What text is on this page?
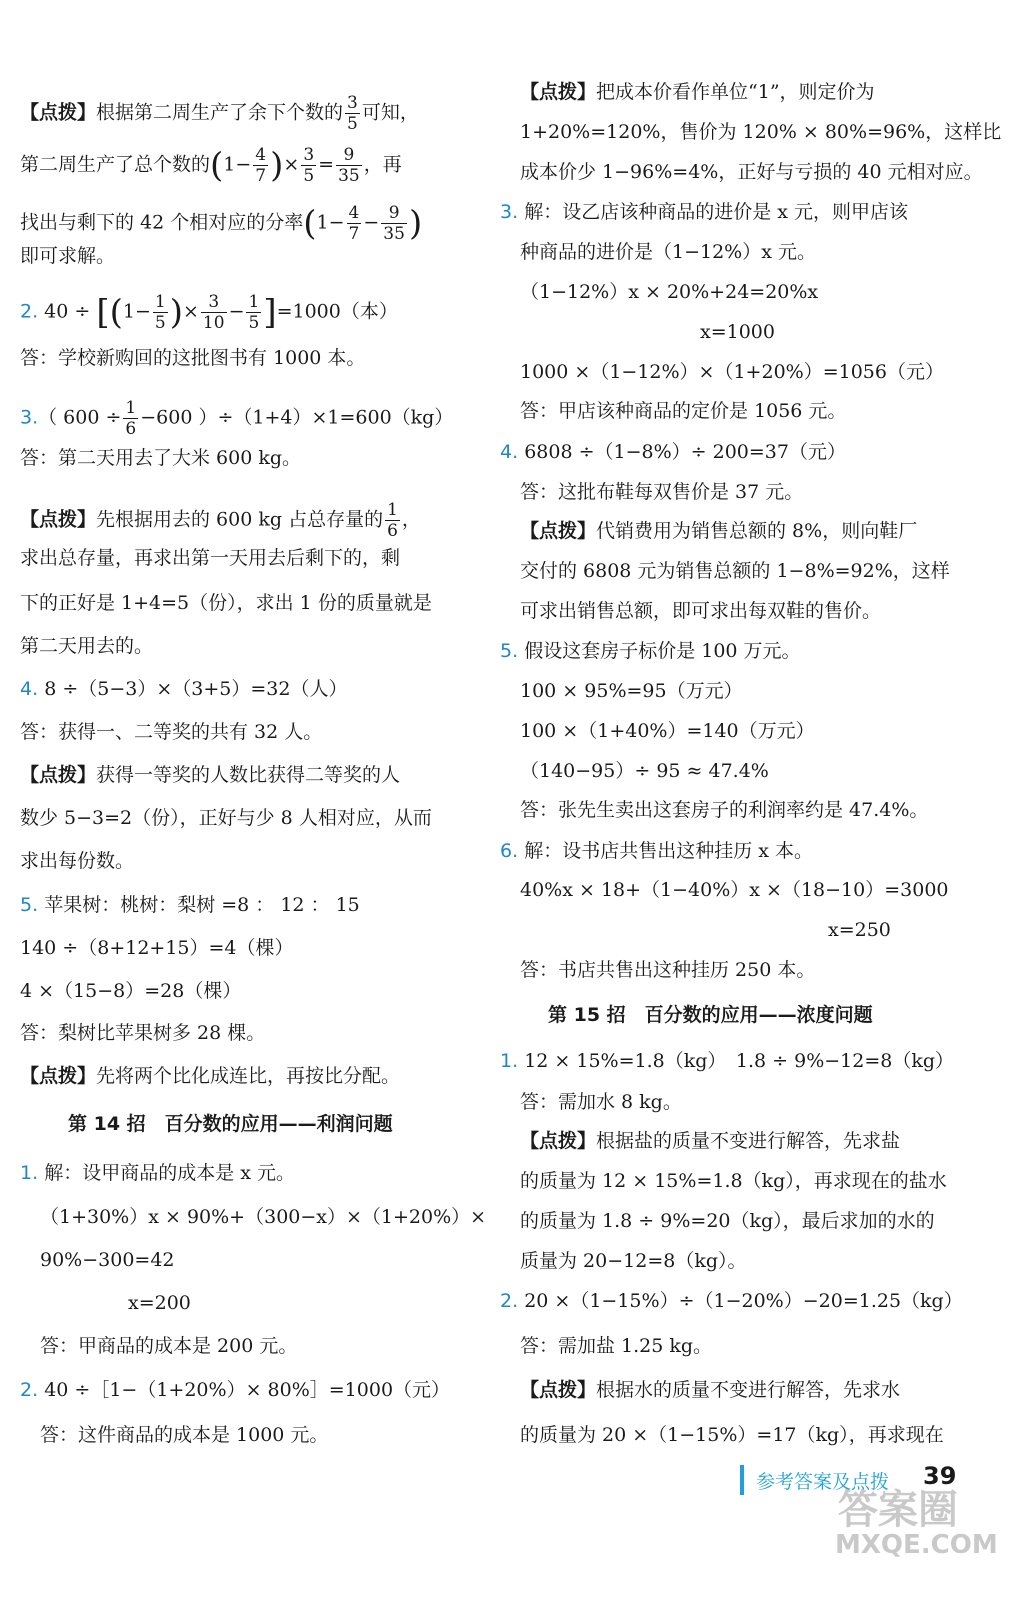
【点拨】根据第二周生产了余下个数的 $\frac{3}{5}$ 可知，
第二周生产了总个数的($1- \frac{4}{7}$ )× $\frac{3}{5} = \frac{9}{35}$ ，再
找出与剩下的 42 个相对应的分率($1- \frac{4}{7} - \frac{9}{35}$ )
即可求解。
2. $40 \div [(1- \frac{1}{5}$ )× $\frac{3}{10} - \frac{1}{5} ]=1000$（本）
答：学校新购回的这批图书有 1000 本。
3.（ $600 \div \frac{1}{6} -600$ ）÷（1+4）×1=600（kg）
答：第二天用去了大米 600 kg。
【点拨】先根据用去的 600 kg 占总存量的 $\frac{1}{6}$ ，
求出总存量，再求出第一天用去后剩下的，剩
下的正好是 1+4=5（份），求出 1 份的质量就是
第二天用去的。
4. 8 ÷（5−3）×（3+5）=32（人）
答：获得一、二等奖的共有 32 人。
【点拨】获得一等奖的人数比获得二等奖的人
数少 5−3=2（份），正好与少 8 人相对应，从而
求出每份数。
5. 苹果树：桃树：梨树 =8 ： 12 ： 15
140 ÷（8+12+15）=4（棵）
4 ×（15−8）=28（棵）
答：梨树比苹果树多 28 棵。
【点拨】先将两个比化成连比，再按比分配。
第 14 招　百分数的应用——利润问题
1. 解：设甲商品的成本是 x 元。
（1+30%）x × 90%+（300−x）×（1+20%）×
90%−300=42
x=200
答：甲商品的成本是 200 元。
2. 40 ÷［1−（1+20%）× 80%］=1000（元）
答：这件商品的成本是 1000 元。
【点拨】把成本价看作单位“1”，则定价为
1+20%=120%，售价为 120% × 80%=96%，这样比
成本价少 1−96%=4%，正好与亏损的 40 元相对应。
3. 解：设乙店该种商品的进价是 x 元，则甲店该
种商品的进价是（1−12%）x 元。
（1−12%）x × 20%+24=20%x
x=1000
1000 ×（1−12%）×（1+20%）=1056（元）
答：甲店该种商品的定价是 1056 元。
4. 6808 ÷（1−8%）÷ 200=37（元）
答：这批布鞋每双售价是 37 元。
【点拨】代销费用为销售总额的 8%，则向鞋厂
交付的 6808 元为销售总额的 1−8%=92%，这样
可求出销售总额，即可求出每双鞋的售价。
5. 假设这套房子标价是 100 万元。
100 × 95%=95（万元）
100 ×（1+40%）=140（万元）
（140−95）÷ 95 ≈ 47.4%
答：张先生卖出这套房子的利润率约是 47.4%。
6. 解：设书店共售出这种挂历 x 本。
40%x × 18+（1−40%）x ×（18−10）=3000
x=250
答：书店共售出这种挂历 250 本。
第 15 招　百分数的应用——浓度问题
1. 12 × 15%=1.8（kg）　1.8 ÷ 9%−12=8（kg）
答：需加水 8 kg。
【点拨】根据盐的质量不变进行解答，先求盐
的质量为 12 × 15%=1.8（kg），再求现在的盐水
的质量为 1.8 ÷ 9%=20（kg），最后求加的水的
质量为 20−12=8（kg）。
2. 20 ×（1−15%）÷（1−20%）−20=1.25（kg）
答：需加盐 1.25 kg。
【点拨】根据水的质量不变进行解答，先求水
的质量为 20 ×（1−15%）=17（kg），再求现在
参考答案及点拨 39
答案圈
MXQE.COM
